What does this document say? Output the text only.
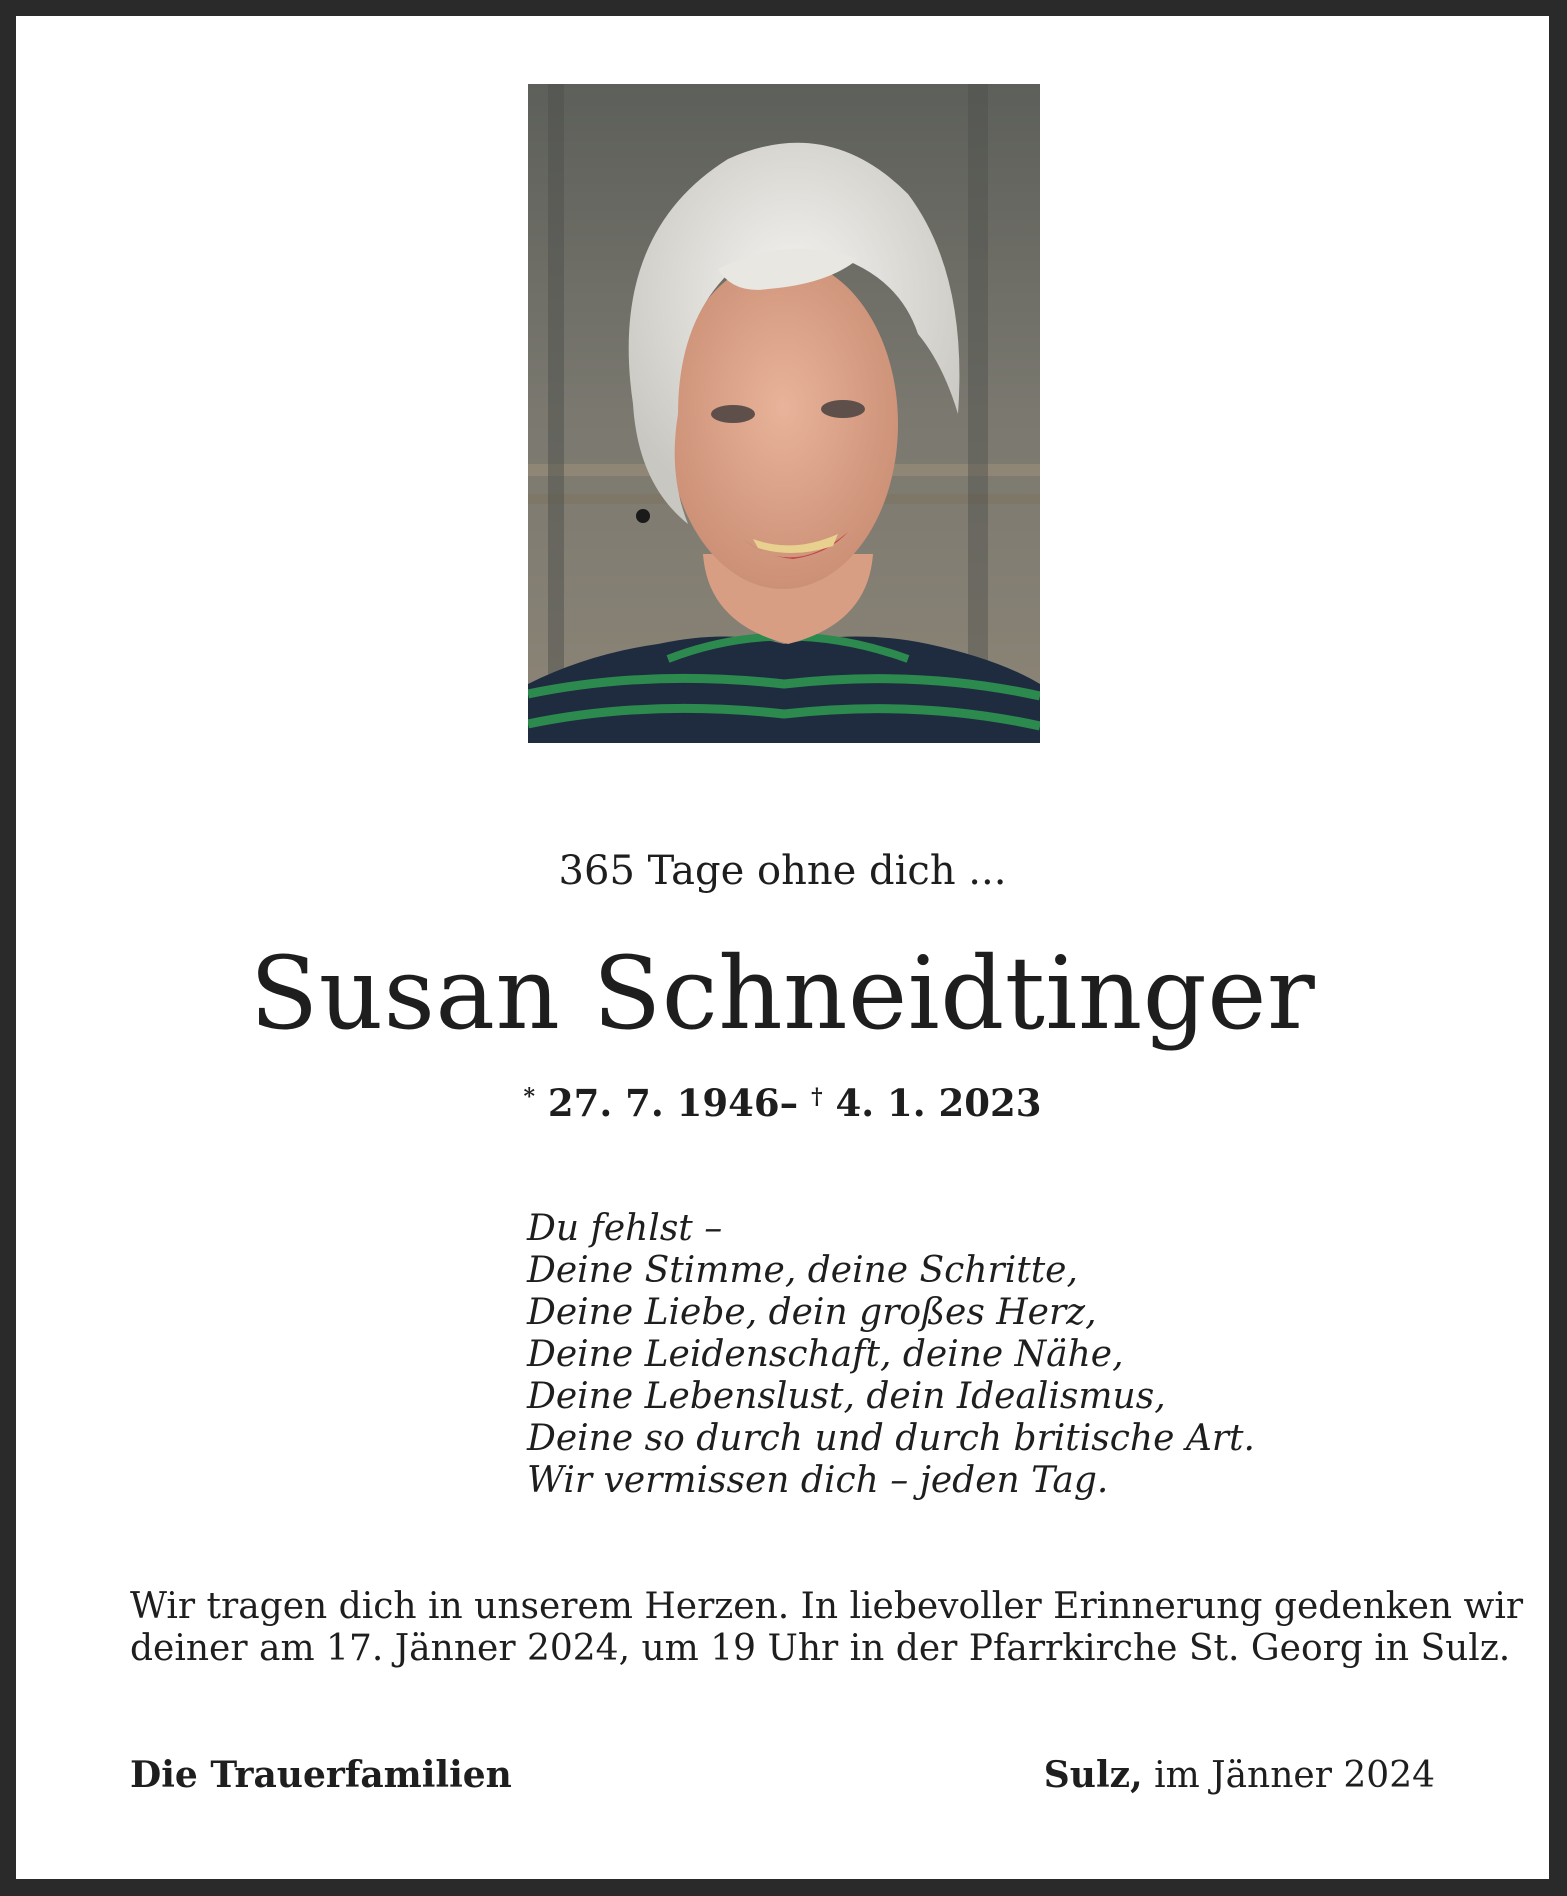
365 Tage ohne dich ...
Susan Schneidtinger
* 27. 7. 1946– † 4. 1. 2023
Du fehlst –
Deine Stimme, deine Schritte,
Deine Liebe, dein großes Herz,
Deine Leidenschaft, deine Nähe,
Deine Lebenslust, dein Idealismus,
Deine so durch und durch britische Art.
Wir vermissen dich – jeden Tag.
Wir tragen dich in unserem Herzen. In liebevoller Erinnerung gedenken wir
deiner am 17. Jänner 2024, um 19 Uhr in der Pfarrkirche St. Georg in Sulz.
Die Trauerfamilien	Sulz, im Jänner 2024
